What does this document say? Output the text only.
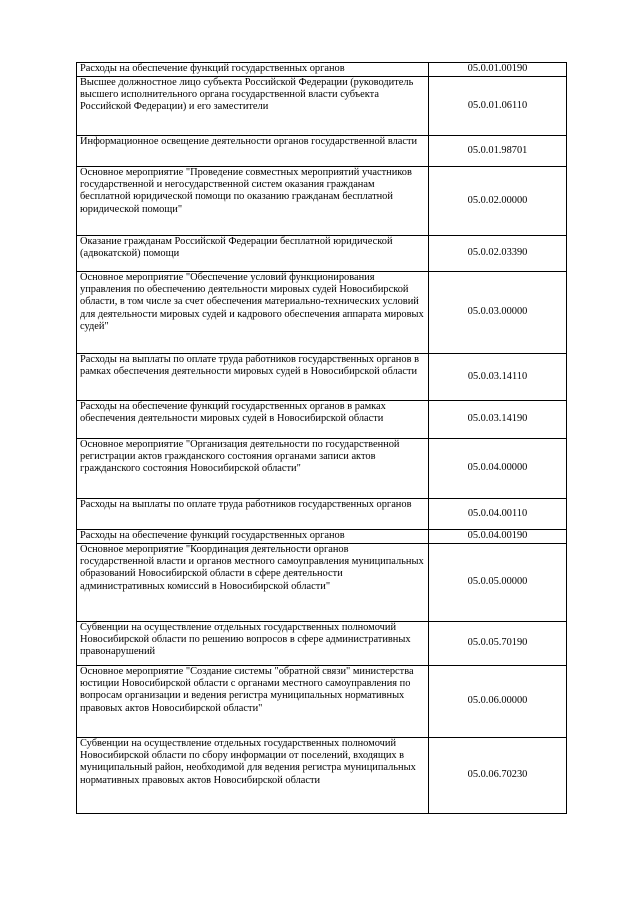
Расходы на обеспечение функций государственных органов	05.0.01.00190
Высшее должностное лицо субъекта Российской Федерации (руководитель высшего исполнительного органа государственной власти субъекта Российской Федерации) и его заместители	05.0.01.06110
Информационное освещение деятельности органов государственной власти	05.0.01.98701
Основное мероприятие "Проведение совместных мероприятий участников государственной и негосударственной систем оказания гражданам бесплатной юридической помощи по оказанию гражданам бесплатной юридической помощи"	05.0.02.00000
Оказание гражданам Российской Федерации бесплатной юридической (адвокатской) помощи	05.0.02.03390
Основное мероприятие "Обеспечение условий функционирования управления по обеспечению деятельности мировых судей Новосибирской области, в том числе за счет обеспечения материально-технических условий для деятельности мировых судей и кадрового обеспечения аппарата мировых судей"	05.0.03.00000
Расходы на выплаты по оплате труда работников государственных органов в рамках обеспечения деятельности мировых судей в Новосибирской области	05.0.03.14110
Расходы на обеспечение функций государственных органов в рамках обеспечения деятельности мировых судей в Новосибирской области	05.0.03.14190
Основное мероприятие "Организация деятельности по государственной регистрации актов гражданского состояния органами записи актов гражданского состояния Новосибирской области"	05.0.04.00000
Расходы на выплаты по оплате труда работников государственных органов	05.0.04.00110
Расходы на обеспечение функций государственных органов	05.0.04.00190
Основное мероприятие "Координация деятельности органов государственной власти и органов местного самоуправления муниципальных образований Новосибирской области в сфере деятельности административных комиссий в Новосибирской области"	05.0.05.00000
Субвенции на осуществление отдельных государственных полномочий Новосибирской области по решению вопросов в сфере административных правонарушений	05.0.05.70190
Основное мероприятие "Создание системы "обратной связи" министерства юстиции Новосибирской области с органами местного самоуправления по вопросам организации и ведения регистра муниципальных нормативных правовых актов Новосибирской области"	05.0.06.00000
Субвенции на осуществление отдельных государственных полномочий Новосибирской области по сбору информации от поселений, входящих в муниципальный район, необходимой для ведения регистра муниципальных нормативных правовых актов Новосибирской области	05.0.06.70230
